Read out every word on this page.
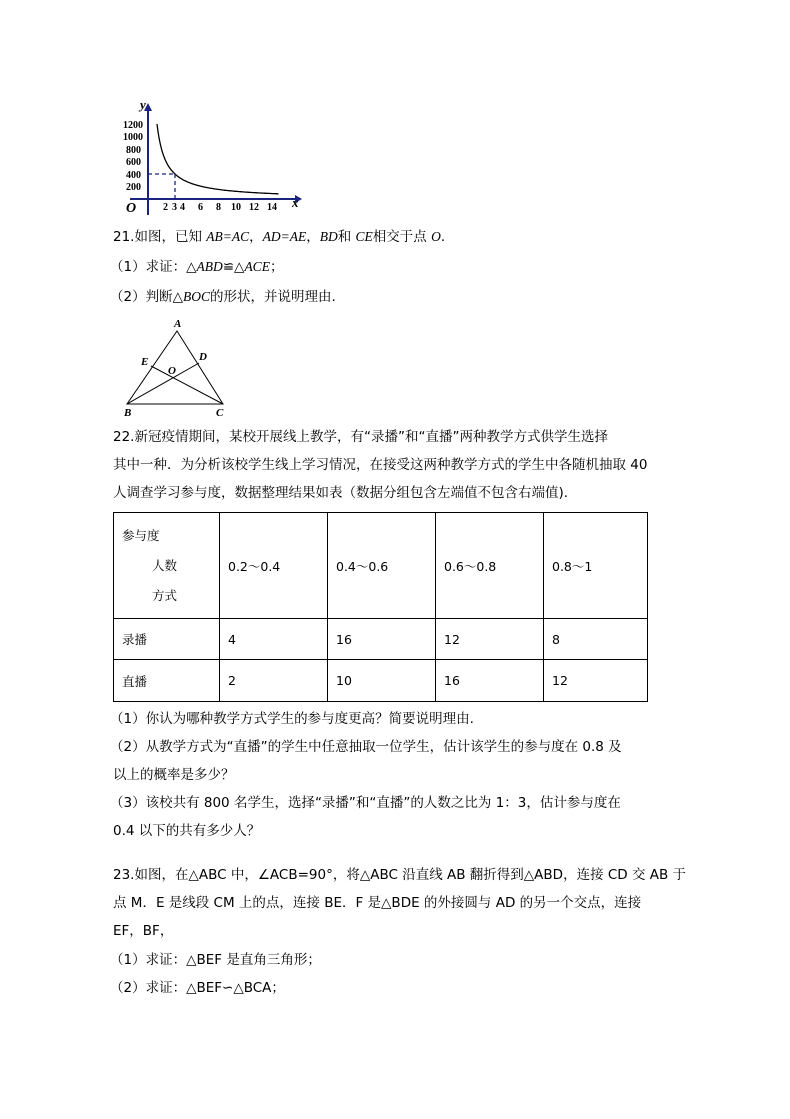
y
x
O
1200
1000
800
600
400
200
2 3 4 6 8 10 12 14
21.如图，已知 AB=AC，AD=AE，BD和 CE相交于点 O.
（1）求证：△ABD≌△ACE；
（2）判断△BOC的形状，并说明理由.
A
B	C
D
E
O
22.新冠疫情期间，某校开展线上教学，有“录播”和“直播”两种教学方式供学生选择
其中一种．为分析该校学生线上学习情况，在接受这两种教学方式的学生中各随机抽取 40
人调查学习参与度，数据整理结果如表（数据分组包含左端值不包含右端值).
参与度
人数
方式	0.2～0.4	0.4～0.6	0.6～0.8	0.8～1
录播	4	16	12	8
直播	2	10	16	12
（1）你认为哪种教学方式学生的参与度更高？简要说明理由.
（2）从教学方式为“直播”的学生中任意抽取一位学生，估计该学生的参与度在 0.8 及
以上的概率是多少？
（3）该校共有 800 名学生，选择“录播”和“直播”的人数之比为 1：3，估计参与度在
0.4 以下的共有多少人？
23.如图，在△ABC 中，∠ACB=90°，将△ABC 沿直线 AB 翻折得到△ABD，连接 CD 交 AB 于
点 M．E 是线段 CM 上的点，连接 BE．F 是△BDE 的外接圆与 AD 的另一个交点，连接
EF，BF，
（1）求证：△BEF 是直角三角形；
（2）求证：△BEF∽△BCA；
